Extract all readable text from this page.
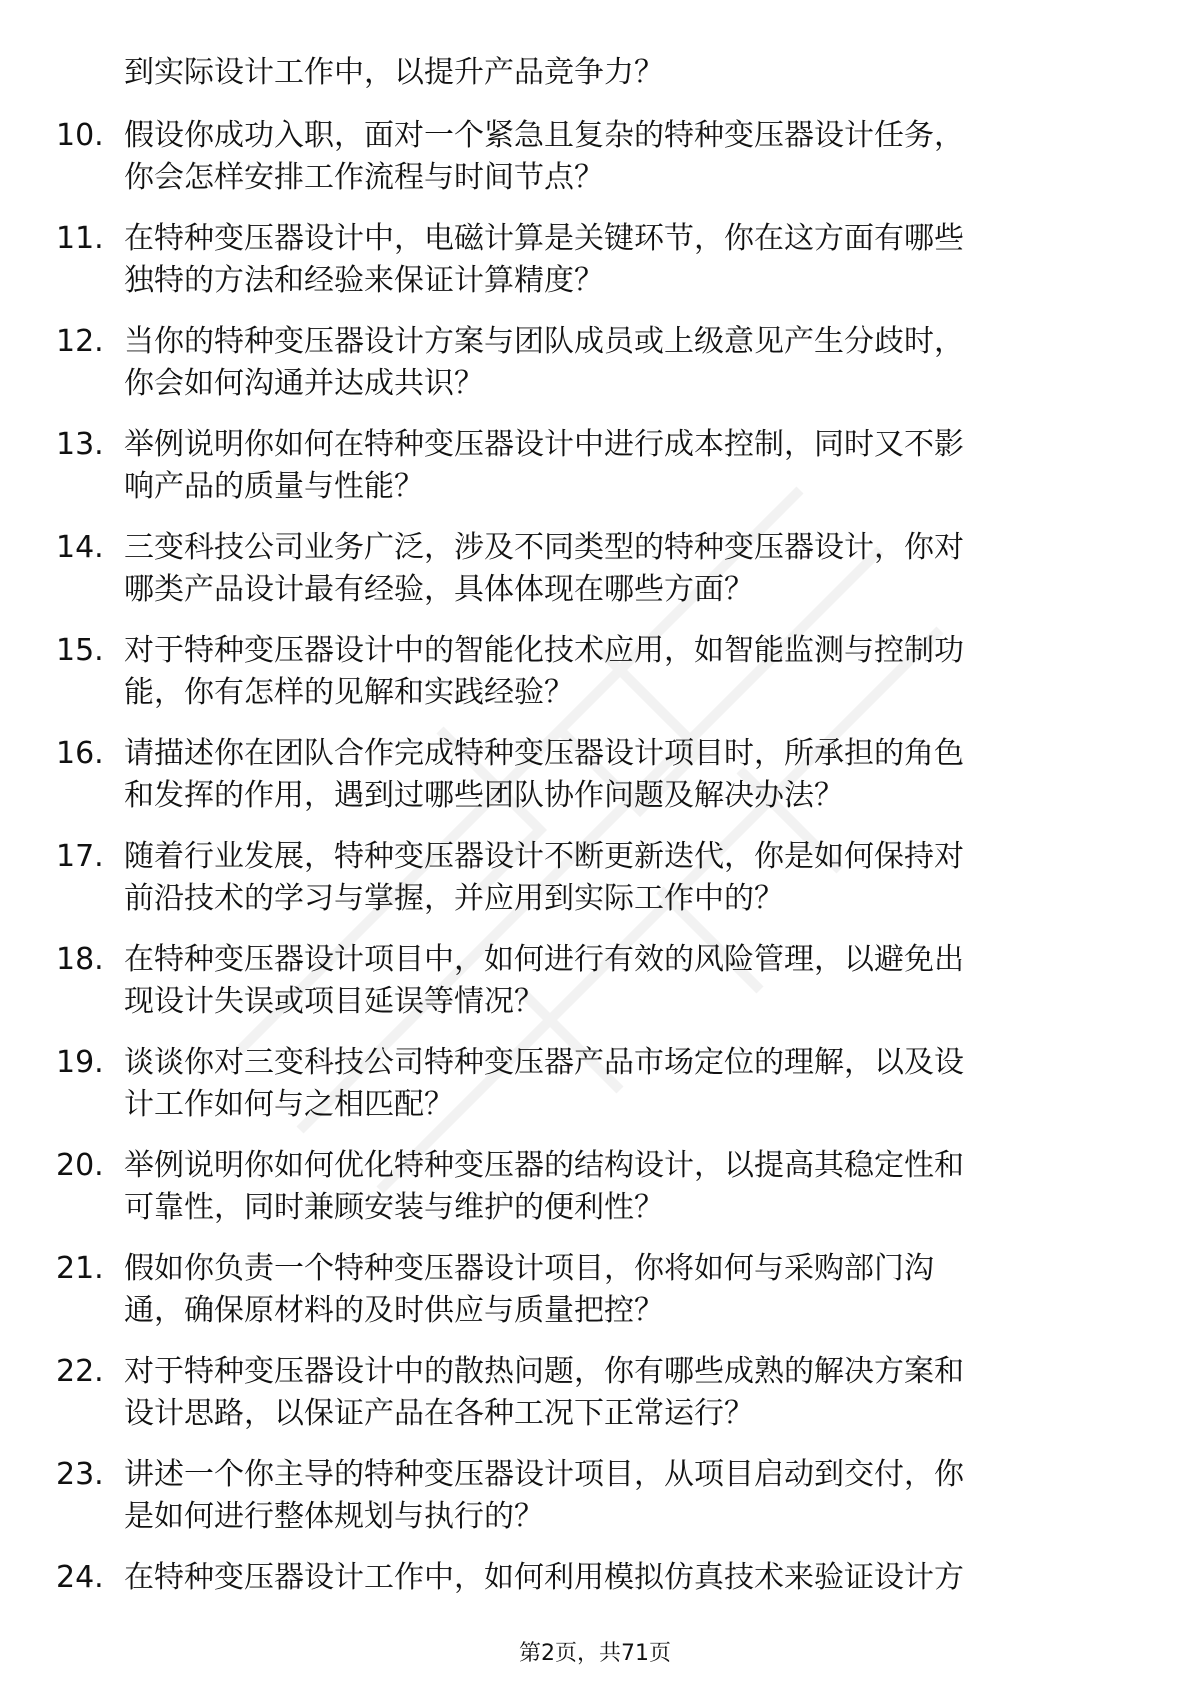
到实际设计工作中，以提升产品竞争力？
10. 假设你成功入职，面对一个紧急且复杂的特种变压器设计任务，
你会怎样安排工作流程与时间节点？
11. 在特种变压器设计中，电磁计算是关键环节，你在这方面有哪些
独特的方法和经验来保证计算精度？
12. 当你的特种变压器设计方案与团队成员或上级意见产生分歧时，
你会如何沟通并达成共识？
13. 举例说明你如何在特种变压器设计中进行成本控制，同时又不影
响产品的质量与性能？
14. 三变科技公司业务广泛，涉及不同类型的特种变压器设计，你对
哪类产品设计最有经验，具体体现在哪些方面？
15. 对于特种变压器设计中的智能化技术应用，如智能监测与控制功
能，你有怎样的见解和实践经验？
16. 请描述你在团队合作完成特种变压器设计项目时，所承担的角色
和发挥的作用，遇到过哪些团队协作问题及解决办法？
17. 随着行业发展，特种变压器设计不断更新迭代，你是如何保持对
前沿技术的学习与掌握，并应用到实际工作中的？
18. 在特种变压器设计项目中，如何进行有效的风险管理，以避免出
现设计失误或项目延误等情况？
19. 谈谈你对三变科技公司特种变压器产品市场定位的理解，以及设
计工作如何与之相匹配？
20. 举例说明你如何优化特种变压器的结构设计，以提高其稳定性和
可靠性，同时兼顾安装与维护的便利性？
21. 假如你负责一个特种变压器设计项目，你将如何与采购部门沟
通，确保原材料的及时供应与质量把控？
22. 对于特种变压器设计中的散热问题，你有哪些成熟的解决方案和
设计思路，以保证产品在各种工况下正常运行？
23. 讲述一个你主导的特种变压器设计项目，从项目启动到交付，你
是如何进行整体规划与执行的？
24. 在特种变压器设计工作中，如何利用模拟仿真技术来验证设计方
第2页，共71页
